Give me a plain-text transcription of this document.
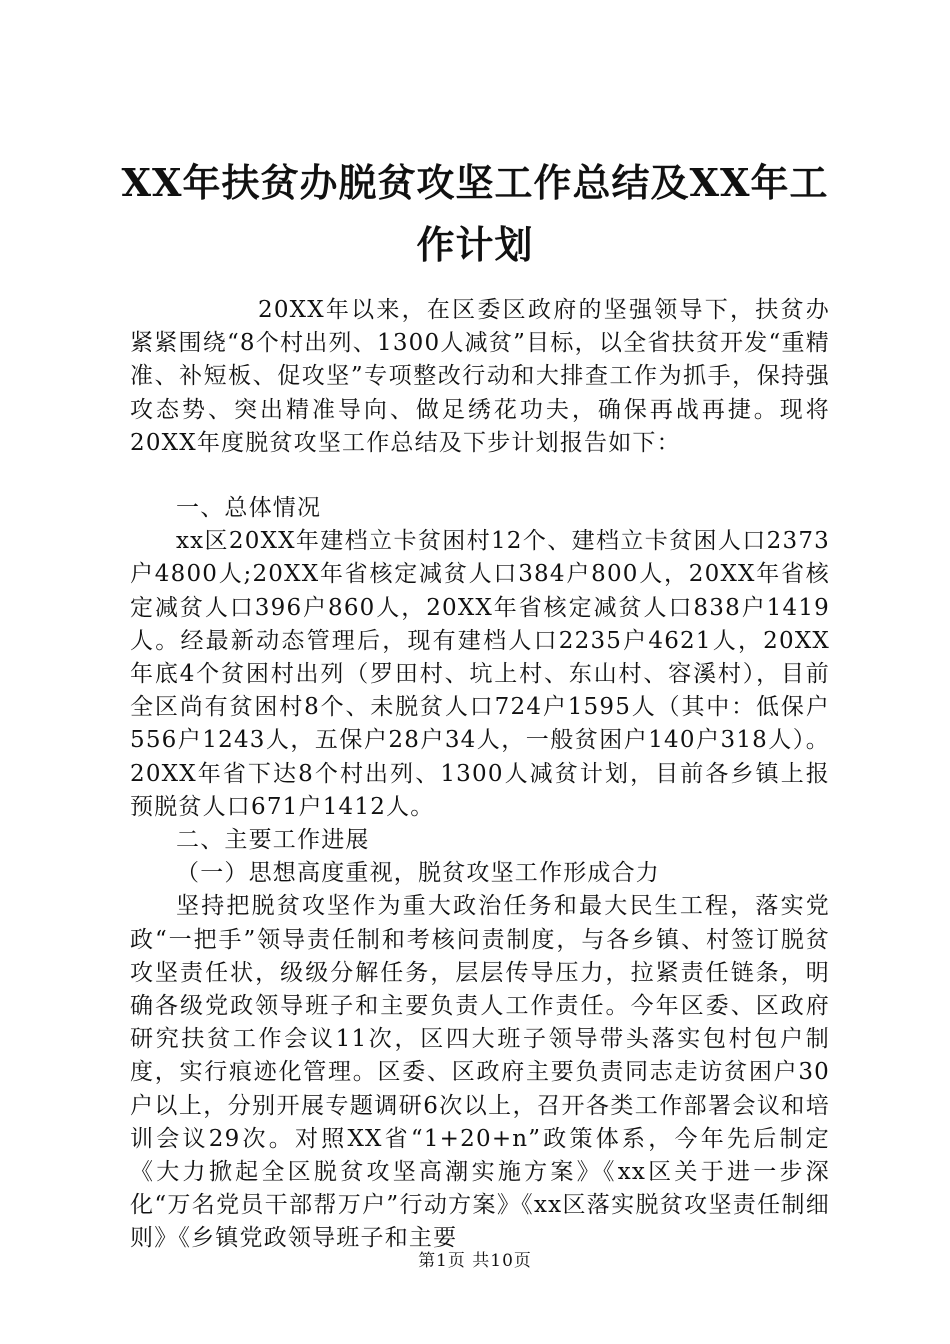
XX年扶贫办脱贫攻坚工作总结及XX年工作计划

20XX年以来，在区委区政府的坚强领导下，扶贫办紧紧围绕“8个村出列、1300人减贫”目标，以全省扶贫开发“重精准、补短板、促攻坚”专项整改行动和大排查工作为抓手，保持强攻态势、突出精准导向、做足绣花功夫，确保再战再捷。现将20XX年度脱贫攻坚工作总结及下步计划报告如下：

一、总体情况

xx区20XX年建档立卡贫困村12个、建档立卡贫困人口2373户4800人;20XX年省核定减贫人口384户800人，20XX年省核定减贫人口396户860人，20XX年省核定减贫人口838户1419人。经最新动态管理后，现有建档人口2235户4621人，20XX年底4个贫困村出列（罗田村、坑上村、东山村、容溪村），目前全区尚有贫困村8个、未脱贫人口724户1595人（其中：低保户556户1243人，五保户28户34人，一般贫困户140户318人）。20XX年省下达8个村出列、1300人减贫计划，目前各乡镇上报预脱贫人口671户1412人。

二、主要工作进展

（一）思想高度重视，脱贫攻坚工作形成合力

坚持把脱贫攻坚作为重大政治任务和最大民生工程，落实党政“一把手”领导责任制和考核问责制度，与各乡镇、村签订脱贫攻坚责任状，级级分解任务，层层传导压力，拉紧责任链条，明确各级党政领导班子和主要负责人工作责任。今年区委、区政府研究扶贫工作会议11次，区四大班子领导带头落实包村包户制度，实行痕迹化管理。区委、区政府主要负责同志走访贫困户30户以上，分别开展专题调研6次以上，召开各类工作部署会议和培训会议29次。对照XX省“1+20+n”政策体系，今年先后制定《大力掀起全区脱贫攻坚高潮实施方案》《xx区关于进一步深化“万名党员干部帮万户”行动方案》《xx区落实脱贫攻坚责任制细则》《乡镇党政领导班子和主要

第1页 共10页
